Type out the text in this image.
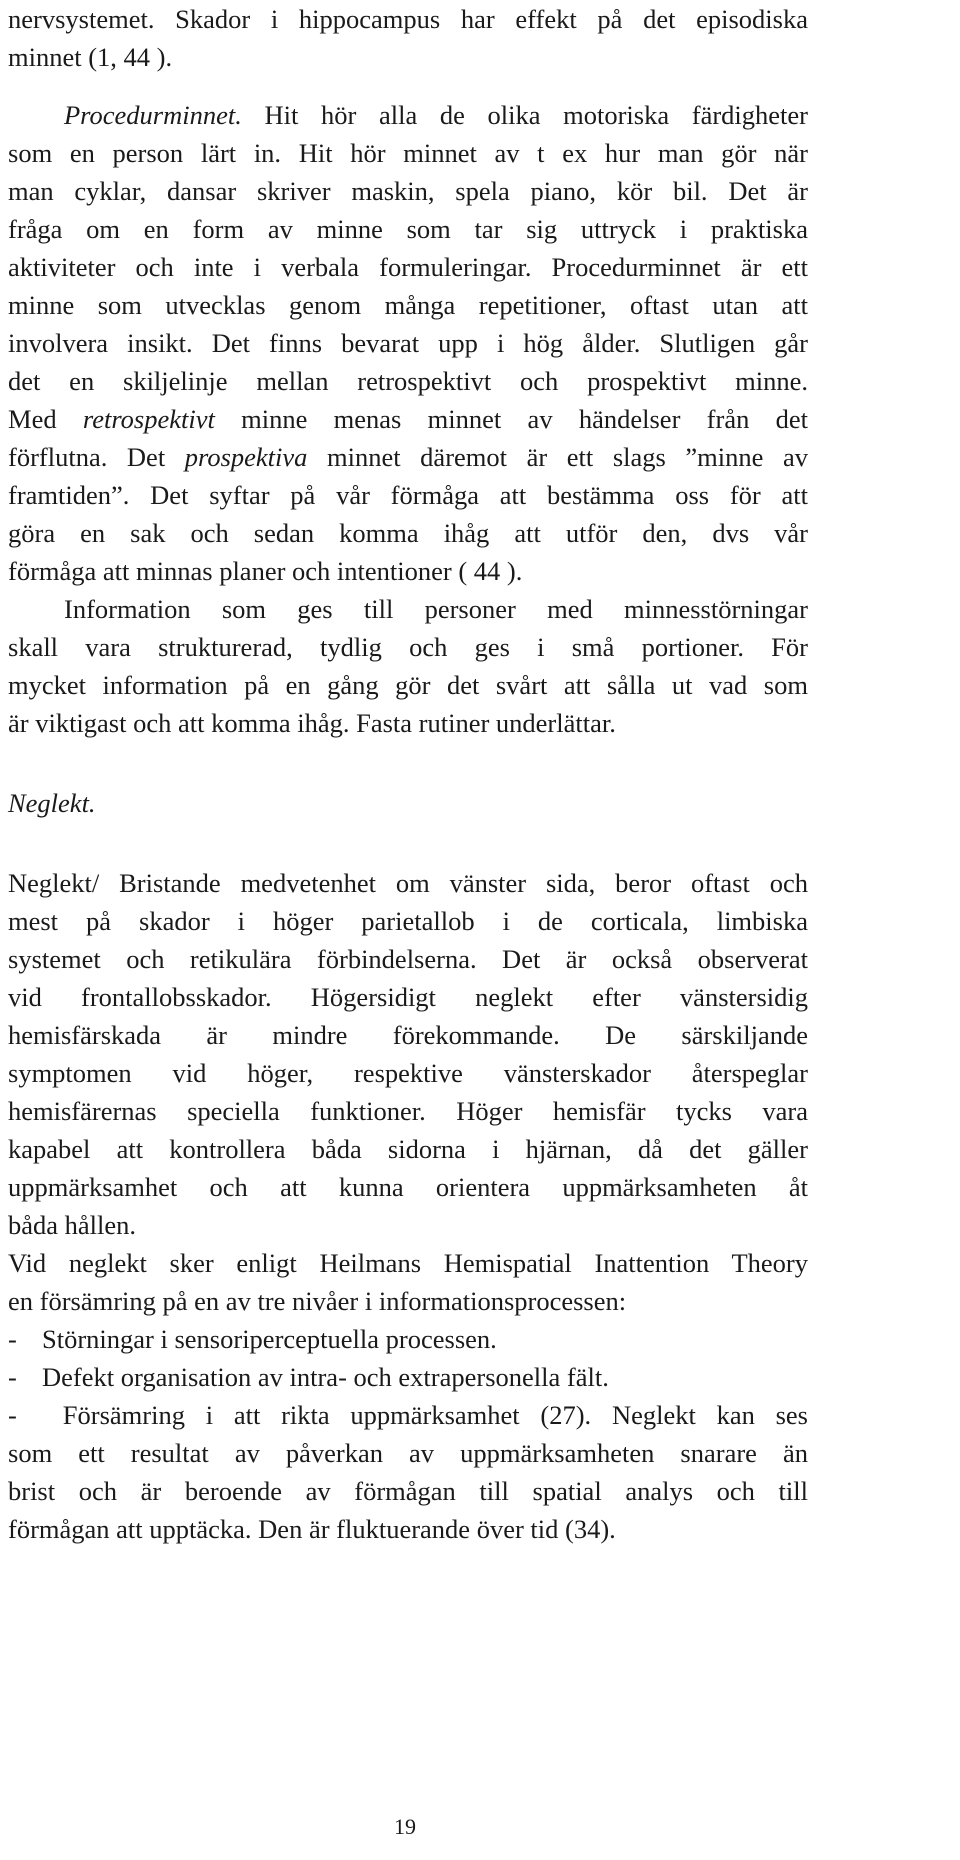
nervsystemet. Skador i hippocampus har effekt på det episodiska
minnet (1, 44 ).
Procedurminnet. Hit hör alla de olika motoriska färdigheter
som en person lärt in. Hit hör minnet av t ex hur man gör när
man cyklar, dansar skriver maskin, spela piano, kör bil. Det är
fråga om en form av minne som tar sig uttryck i praktiska
aktiviteter och inte i verbala formuleringar. Procedurminnet är ett
minne som utvecklas genom många repetitioner, oftast utan att
involvera insikt. Det finns bevarat upp i hög ålder. Slutligen går
det en skiljelinje mellan retrospektivt och prospektivt minne.
Med retrospektivt minne menas minnet av händelser från det
förflutna. Det prospektiva minnet däremot är ett slags ”minne av
framtiden”. Det syftar på vår förmåga att bestämma oss för att
göra en sak och sedan komma ihåg att utför den, dvs vår
förmåga att minnas planer och intentioner ( 44 ).
Information som ges till personer med minnesstörningar
skall vara strukturerad, tydlig och ges i små portioner. För
mycket information på en gång gör det svårt att sålla ut vad som
är viktigast och att komma ihåg. Fasta rutiner underlättar.
Neglekt.
Neglekt/ Bristande medvetenhet om vänster sida, beror oftast och
mest på skador i höger parietallob i de corticala, limbiska
systemet och retikulära förbindelserna. Det är också observerat
vid frontallobsskador. Högersidigt neglekt efter vänstersidig
hemisfärskada är mindre förekommande. De särskiljande
symptomen vid höger, respektive vänsterskador återspeglar
hemisfärernas speciella funktioner. Höger hemisfär tycks vara
kapabel att kontrollera båda sidorna i hjärnan, då det gäller
uppmärksamhet och att kunna orientera uppmärksamheten åt
båda hållen.
Vid neglekt sker enligt Heilmans Hemispatial Inattention Theory
en försämring på en av tre nivåer i informationsprocessen:
- Störningar i sensoriperceptuella processen.
- Defekt organisation av intra- och extrapersonella fält.
- Försämring i att rikta uppmärksamhet (27). Neglekt kan ses
som ett resultat av påverkan av uppmärksamheten snarare än
brist och är beroende av förmågan till spatial analys och till
förmågan att upptäcka. Den är fluktuerande över tid (34).
19
